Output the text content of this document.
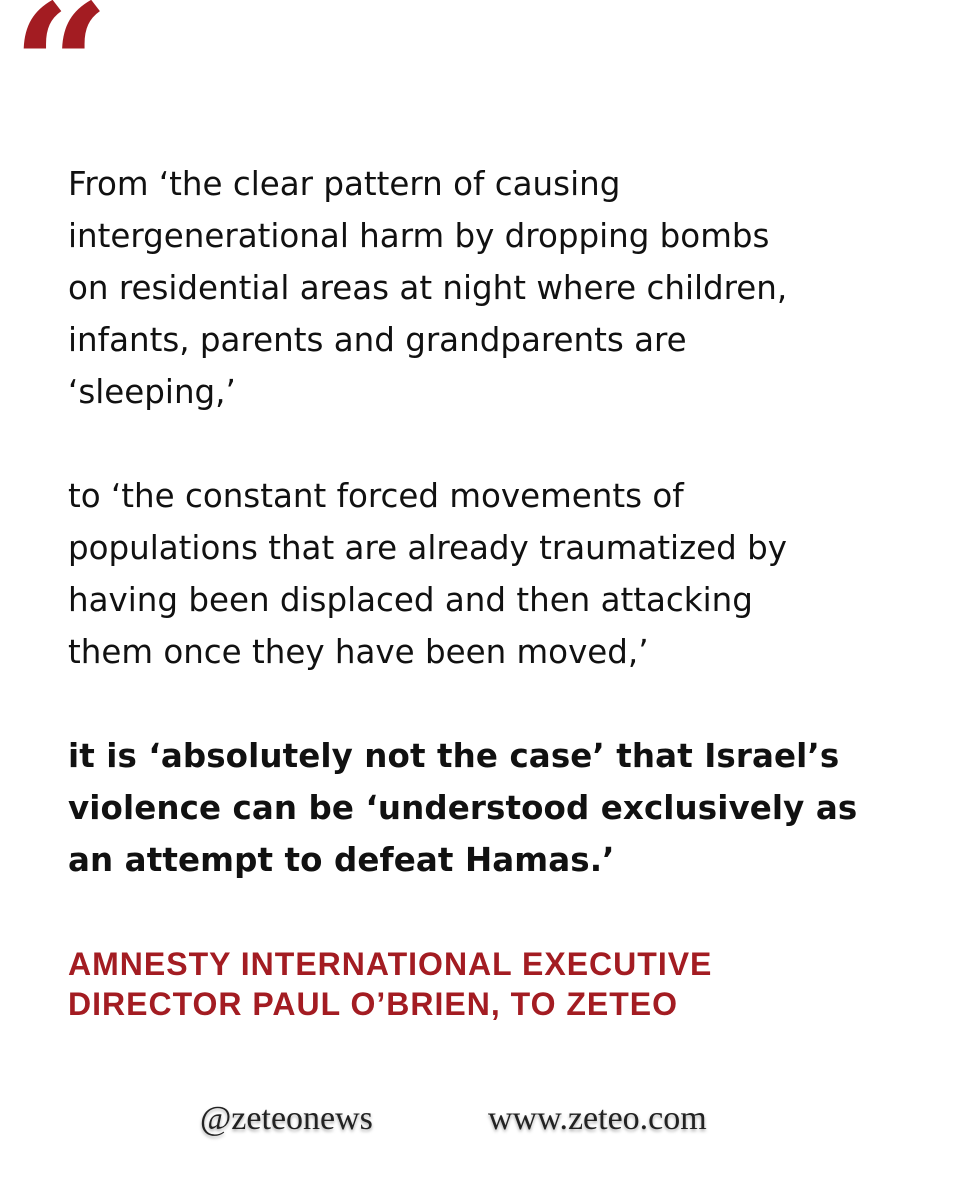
“

From ‘the clear pattern of causing
intergenerational harm by dropping bombs
on residential areas at night where children,
infants, parents and grandparents are
‘sleeping,’

to ‘the constant forced movements of
populations that are already traumatized by
having been displaced and then attacking
them once they have been moved,’

it is ‘absolutely not the case’ that Israel’s
violence can be ‘understood exclusively as
an attempt to defeat Hamas.’

AMNESTY INTERNATIONAL EXECUTIVE
DIRECTOR PAUL O’BRIEN, TO ZETEO
@zeteonews	www.zeteo.com
